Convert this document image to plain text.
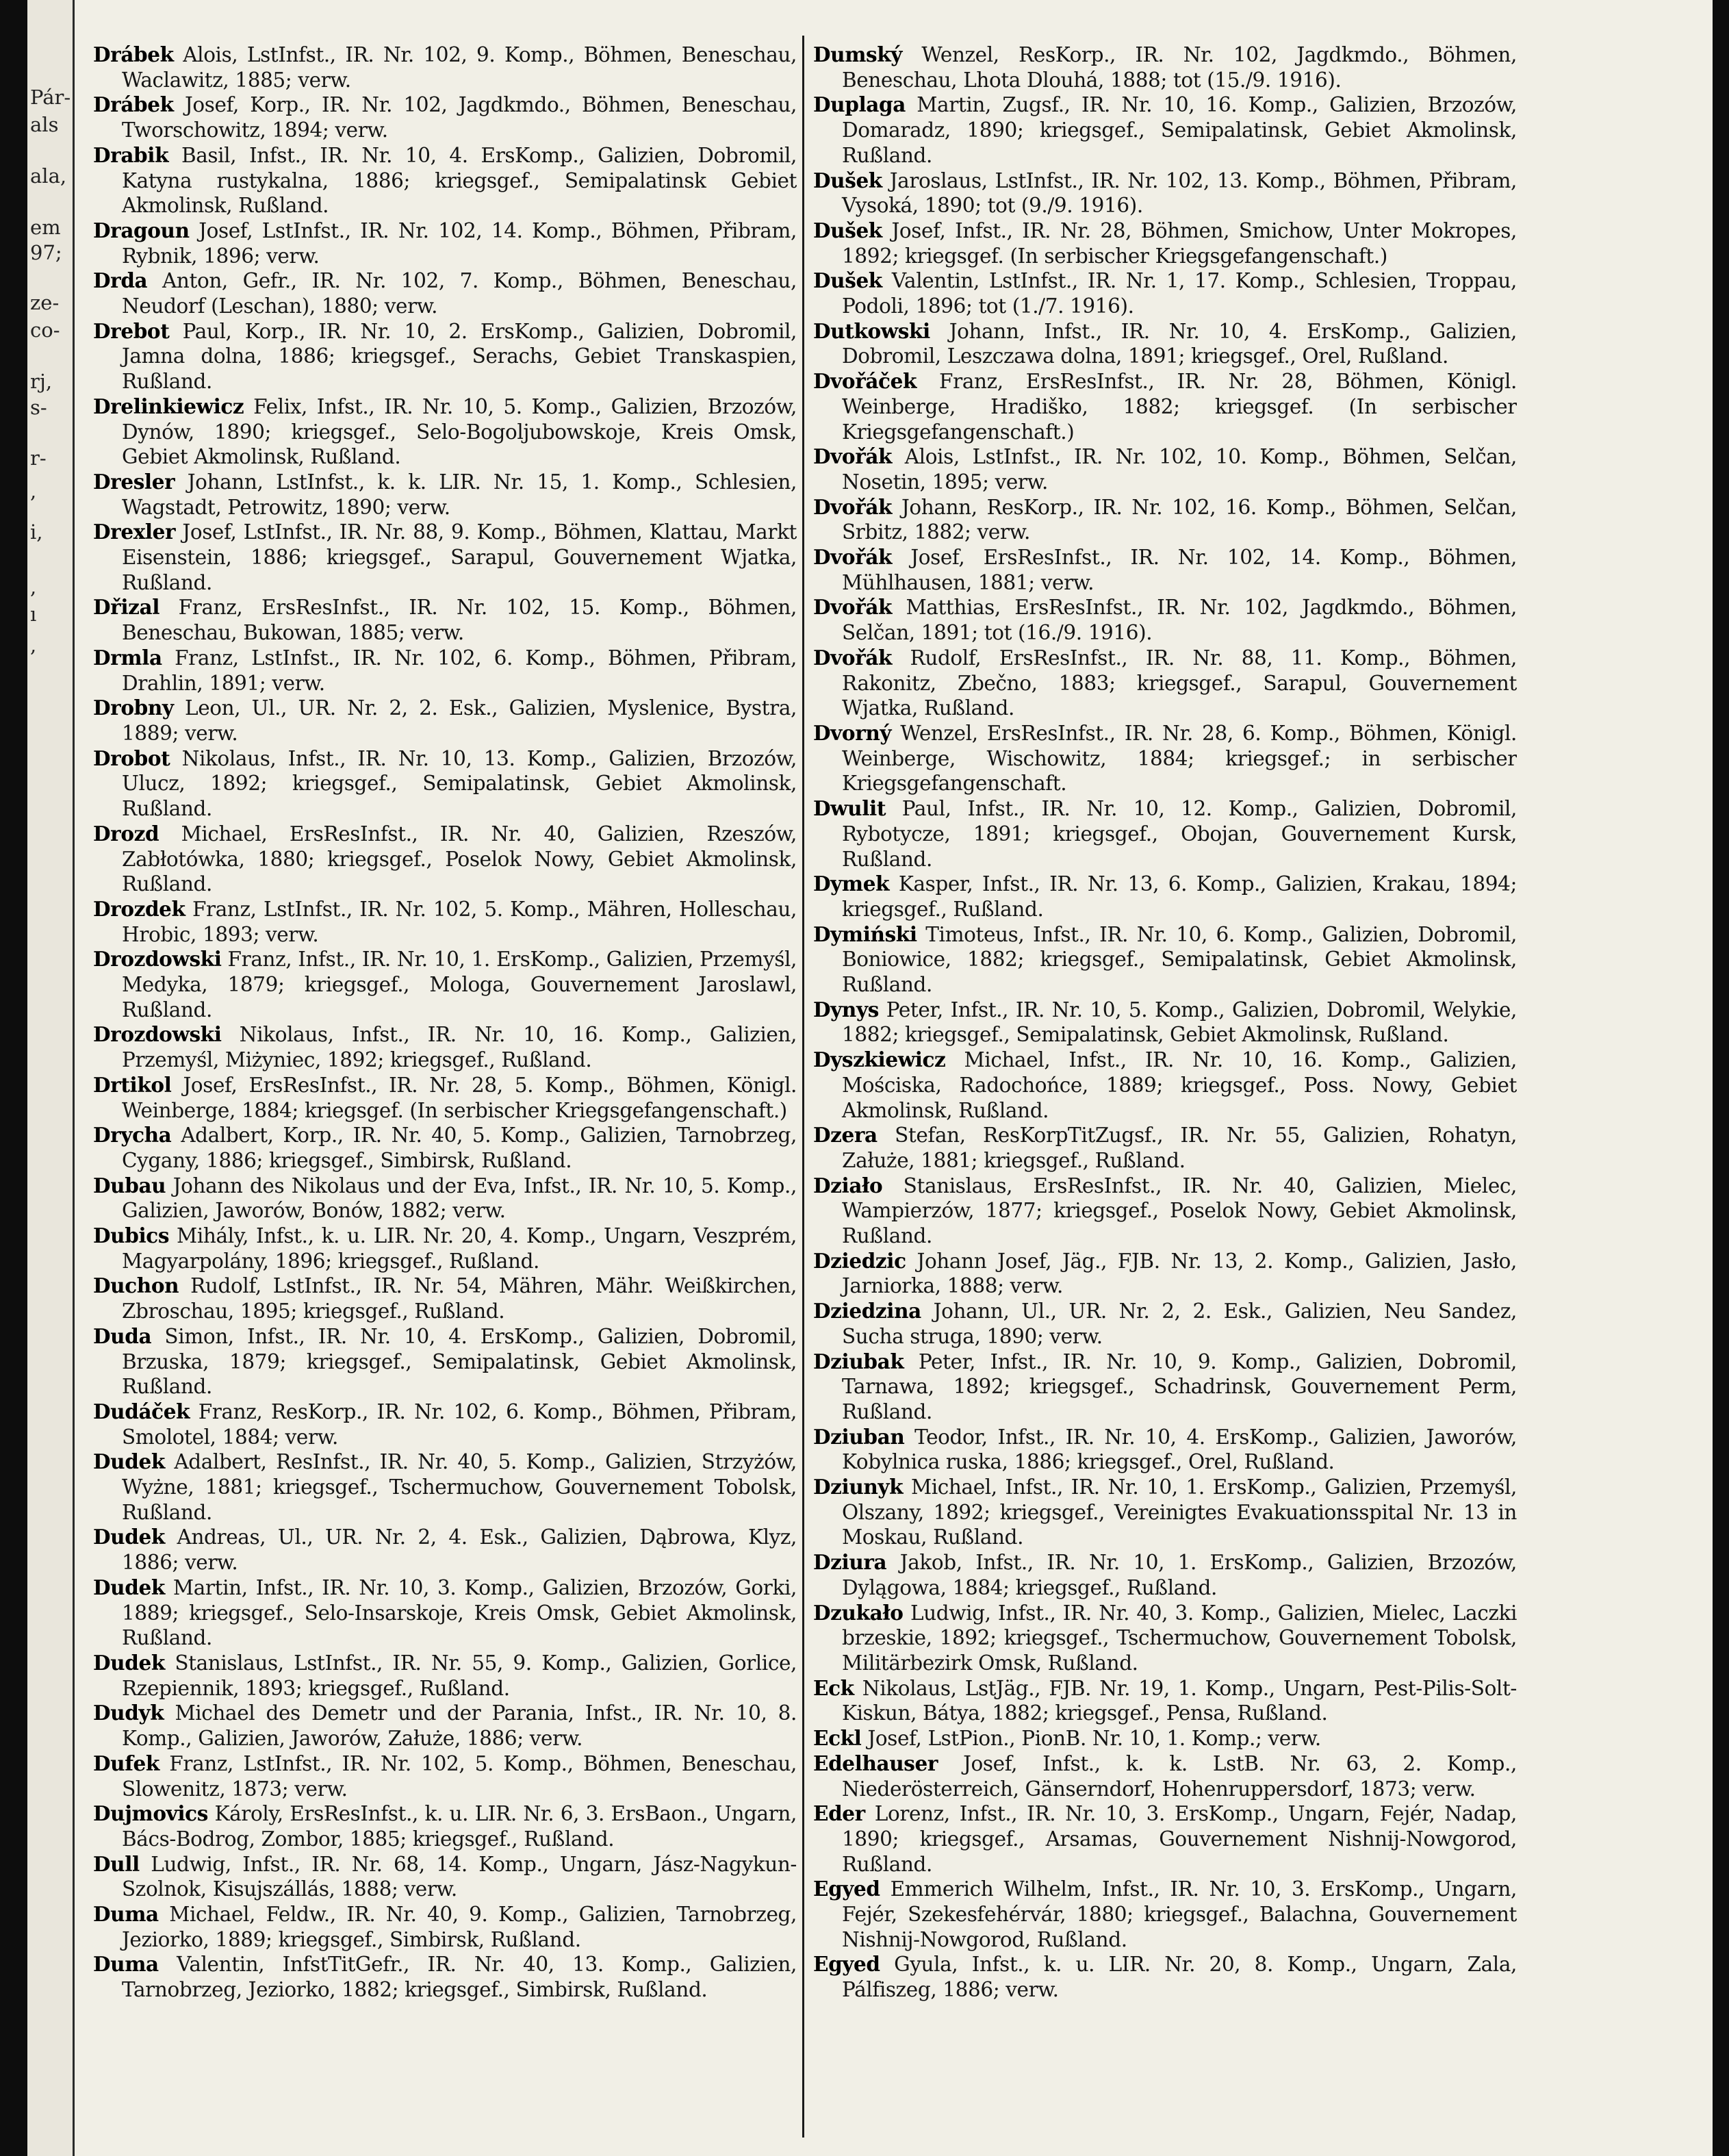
Pár-
als
ala,
em
97;
ze-
co-
rj,
s-
r-
,
i,
,
ı
,

Drábek Alois, LstInfst., IR. Nr. 102, 9. Komp., Böhmen, Beneschau, Waclawitz, 1885; verw.

Drábek Josef, Korp., IR. Nr. 102, Jagdkmdo., Böhmen, Beneschau, Tworschowitz, 1894; verw.

Drabik Basil, Infst., IR. Nr. 10, 4. ErsKomp., Galizien, Dobromil, Katyna rustykalna, 1886; kriegsgef., Semipalatinsk Gebiet Akmolinsk, Rußland.

Dragoun Josef, LstInfst., IR. Nr. 102, 14. Komp., Böhmen, Přibram, Rybnik, 1896; verw.

Drda Anton, Gefr., IR. Nr. 102, 7. Komp., Böhmen, Beneschau, Neudorf (Leschan), 1880; verw.

Drebot Paul, Korp., IR. Nr. 10, 2. ErsKomp., Galizien, Dobromil, Jamna dolna, 1886; kriegsgef., Serachs, Gebiet Transkaspien, Rußland.

Drelinkiewicz Felix, Infst., IR. Nr. 10, 5. Komp., Galizien, Brzozów, Dynów, 1890; kriegsgef., Selo-Bogoljubowskoje, Kreis Omsk, Gebiet Akmolinsk, Rußland.

Dresler Johann, LstInfst., k. k. LIR. Nr. 15, 1. Komp., Schlesien, Wagstadt, Petrowitz, 1890; verw.

Drexler Josef, LstInfst., IR. Nr. 88, 9. Komp., Böhmen, Klattau, Markt Eisenstein, 1886; kriegsgef., Sarapul, Gouvernement Wjatka, Rußland.

Dřizal Franz, ErsResInfst., IR. Nr. 102, 15. Komp., Böhmen, Beneschau, Bukowan, 1885; verw.

Drmla Franz, LstInfst., IR. Nr. 102, 6. Komp., Böhmen, Přibram, Drahlin, 1891; verw.

Drobny Leon, Ul., UR. Nr. 2, 2. Esk., Galizien, Myslenice, Bystra, 1889; verw.

Drobot Nikolaus, Infst., IR. Nr. 10, 13. Komp., Galizien, Brzozów, Ulucz, 1892; kriegsgef., Semipalatinsk, Gebiet Akmolinsk, Rußland.

Drozd Michael, ErsResInfst., IR. Nr. 40, Galizien, Rzeszów, Zabłotówka, 1880; kriegsgef., Poselok Nowy, Gebiet Akmolinsk, Rußland.

Drozdek Franz, LstInfst., IR. Nr. 102, 5. Komp., Mähren, Holleschau, Hrobic, 1893; verw.

Drozdowski Franz, Infst., IR. Nr. 10, 1. ErsKomp., Galizien, Przemyśl, Medyka, 1879; kriegsgef., Mologa, Gouvernement Jaroslawl, Rußland.

Drozdowski Nikolaus, Infst., IR. Nr. 10, 16. Komp., Galizien, Przemyśl, Miżyniec, 1892; kriegsgef., Rußland.

Drtikol Josef, ErsResInfst., IR. Nr. 28, 5. Komp., Böhmen, Königl. Weinberge, 1884; kriegsgef. (In serbischer Kriegsgefangenschaft.)

Drycha Adalbert, Korp., IR. Nr. 40, 5. Komp., Galizien, Tarnobrzeg, Cygany, 1886; kriegsgef., Simbirsk, Rußland.

Dubau Johann des Nikolaus und der Eva, Infst., IR. Nr. 10, 5. Komp., Galizien, Jaworów, Bonów, 1882; verw.

Dubics Mihály, Infst., k. u. LIR. Nr. 20, 4. Komp., Ungarn, Veszprém, Magyarpolány, 1896; kriegsgef., Rußland.

Duchon Rudolf, LstInfst., IR. Nr. 54, Mähren, Mähr. Weißkirchen, Zbroschau, 1895; kriegsgef., Rußland.

Duda Simon, Infst., IR. Nr. 10, 4. ErsKomp., Galizien, Dobromil, Brzuska, 1879; kriegsgef., Semipalatinsk, Gebiet Akmolinsk, Rußland.

Dudáček Franz, ResKorp., IR. Nr. 102, 6. Komp., Böhmen, Přibram, Smolotel, 1884; verw.

Dudek Adalbert, ResInfst., IR. Nr. 40, 5. Komp., Galizien, Strzyżów, Wyżne, 1881; kriegsgef., Tschermuchow, Gouvernement Tobolsk, Rußland.

Dudek Andreas, Ul., UR. Nr. 2, 4. Esk., Galizien, Dąbrowa, Klyz, 1886; verw.

Dudek Martin, Infst., IR. Nr. 10, 3. Komp., Galizien, Brzozów, Gorki, 1889; kriegsgef., Selo-Insarskoje, Kreis Omsk, Gebiet Akmolinsk, Rußland.

Dudek Stanislaus, LstInfst., IR. Nr. 55, 9. Komp., Galizien, Gorlice, Rzepiennik, 1893; kriegsgef., Rußland.

Dudyk Michael des Demetr und der Parania, Infst., IR. Nr. 10, 8. Komp., Galizien, Jaworów, Załuże, 1886; verw.

Dufek Franz, LstInfst., IR. Nr. 102, 5. Komp., Böhmen, Beneschau, Slowenitz, 1873; verw.

Dujmovics Károly, ErsResInfst., k. u. LIR. Nr. 6, 3. ErsBaon., Ungarn, Bács-Bodrog, Zombor, 1885; kriegsgef., Rußland.

Dull Ludwig, Infst., IR. Nr. 68, 14. Komp., Ungarn, Jász-Nagykun-Szolnok, Kisujszállás, 1888; verw.

Duma Michael, Feldw., IR. Nr. 40, 9. Komp., Galizien, Tarnobrzeg, Jeziorko, 1889; kriegsgef., Simbirsk, Rußland.

Duma Valentin, InfstTitGefr., IR. Nr. 40, 13. Komp., Galizien, Tarnobrzeg, Jeziorko, 1882; kriegsgef., Simbirsk, Rußland.

Dumský Wenzel, ResKorp., IR. Nr. 102, Jagdkmdo., Böhmen, Beneschau, Lhota Dlouhá, 1888; tot (15./9. 1916).

Duplaga Martin, Zugsf., IR. Nr. 10, 16. Komp., Galizien, Brzozów, Domaradz, 1890; kriegsgef., Semipalatinsk, Gebiet Akmolinsk, Rußland.

Dušek Jaroslaus, LstInfst., IR. Nr. 102, 13. Komp., Böhmen, Přibram, Vysoká, 1890; tot (9./9. 1916).

Dušek Josef, Infst., IR. Nr. 28, Böhmen, Smichow, Unter Mokropes, 1892; kriegsgef. (In serbischer Kriegsgefangenschaft.)

Dušek Valentin, LstInfst., IR. Nr. 1, 17. Komp., Schlesien, Troppau, Podoli, 1896; tot (1./7. 1916).

Dutkowski Johann, Infst., IR. Nr. 10, 4. ErsKomp., Galizien, Dobromil, Leszczawa dolna, 1891; kriegsgef., Orel, Rußland.

Dvořáček Franz, ErsResInfst., IR. Nr. 28, Böhmen, Königl. Weinberge, Hradiško, 1882; kriegsgef. (In serbischer Kriegsgefangenschaft.)

Dvořák Alois, LstInfst., IR. Nr. 102, 10. Komp., Böhmen, Selčan, Nosetin, 1895; verw.

Dvořák Johann, ResKorp., IR. Nr. 102, 16. Komp., Böhmen, Selčan, Srbitz, 1882; verw.

Dvořák Josef, ErsResInfst., IR. Nr. 102, 14. Komp., Böhmen, Mühlhausen, 1881; verw.

Dvořák Matthias, ErsResInfst., IR. Nr. 102, Jagdkmdo., Böhmen, Selčan, 1891; tot (16./9. 1916).

Dvořák Rudolf, ErsResInfst., IR. Nr. 88, 11. Komp., Böhmen, Rakonitz, Zbečno, 1883; kriegsgef., Sarapul, Gouvernement Wjatka, Rußland.

Dvorný Wenzel, ErsResInfst., IR. Nr. 28, 6. Komp., Böhmen, Königl. Weinberge, Wischowitz, 1884; kriegsgef.; in serbischer Kriegsgefangenschaft.

Dwulit Paul, Infst., IR. Nr. 10, 12. Komp., Galizien, Dobromil, Rybotycze, 1891; kriegsgef., Obojan, Gouvernement Kursk, Rußland.

Dymek Kasper, Infst., IR. Nr. 13, 6. Komp., Galizien, Krakau, 1894; kriegsgef., Rußland.

Dymiński Timoteus, Infst., IR. Nr. 10, 6. Komp., Galizien, Dobromil, Boniowice, 1882; kriegsgef., Semipalatinsk, Gebiet Akmolinsk, Rußland.

Dynys Peter, Infst., IR. Nr. 10, 5. Komp., Galizien, Dobromil, Welykie, 1882; kriegsgef., Semipalatinsk, Gebiet Akmolinsk, Rußland.

Dyszkiewicz Michael, Infst., IR. Nr. 10, 16. Komp., Galizien, Mościska, Radochońce, 1889; kriegsgef., Poss. Nowy, Gebiet Akmolinsk, Rußland.

Dzera Stefan, ResKorpTitZugsf., IR. Nr. 55, Galizien, Rohatyn, Załuże, 1881; kriegsgef., Rußland.

Działo Stanislaus, ErsResInfst., IR. Nr. 40, Galizien, Mielec, Wampierzów, 1877; kriegsgef., Poselok Nowy, Gebiet Akmolinsk, Rußland.

Dziedzic Johann Josef, Jäg., FJB. Nr. 13, 2. Komp., Galizien, Jasło, Jarniorka, 1888; verw.

Dziedzina Johann, Ul., UR. Nr. 2, 2. Esk., Galizien, Neu Sandez, Sucha struga, 1890; verw.

Dziubak Peter, Infst., IR. Nr. 10, 9. Komp., Galizien, Dobromil, Tarnawa, 1892; kriegsgef., Schadrinsk, Gouvernement Perm, Rußland.

Dziuban Teodor, Infst., IR. Nr. 10, 4. ErsKomp., Galizien, Jaworów, Kobylnica ruska, 1886; kriegsgef., Orel, Rußland.

Dziunyk Michael, Infst., IR. Nr. 10, 1. ErsKomp., Galizien, Przemyśl, Olszany, 1892; kriegsgef., Vereinigtes Evakuationsspital Nr. 13 in Moskau, Rußland.

Dziura Jakob, Infst., IR. Nr. 10, 1. ErsKomp., Galizien, Brzozów, Dylągowa, 1884; kriegsgef., Rußland.

Dzukało Ludwig, Infst., IR. Nr. 40, 3. Komp., Galizien, Mielec, Laczki brzeskie, 1892; kriegsgef., Tschermuchow, Gouvernement Tobolsk, Militärbezirk Omsk, Rußland.

Eck Nikolaus, LstJäg., FJB. Nr. 19, 1. Komp., Ungarn, Pest-Pilis-Solt-Kiskun, Bátya, 1882; kriegsgef., Pensa, Rußland.

Eckl Josef, LstPion., PionB. Nr. 10, 1. Komp.; verw.

Edelhauser Josef, Infst., k. k. LstB. Nr. 63, 2. Komp., Niederösterreich, Gänserndorf, Hohenruppersdorf, 1873; verw.

Eder Lorenz, Infst., IR. Nr. 10, 3. ErsKomp., Ungarn, Fejér, Nadap, 1890; kriegsgef., Arsamas, Gouvernement Nishnij-Nowgorod, Rußland.

Egyed Emmerich Wilhelm, Infst., IR. Nr. 10, 3. ErsKomp., Ungarn, Fejér, Szekesfehérvár, 1880; kriegsgef., Balachna, Gouvernement Nishnij-Nowgorod, Rußland.

Egyed Gyula, Infst., k. u. LIR. Nr. 20, 8. Komp., Ungarn, Zala, Pálfiszeg, 1886; verw.
